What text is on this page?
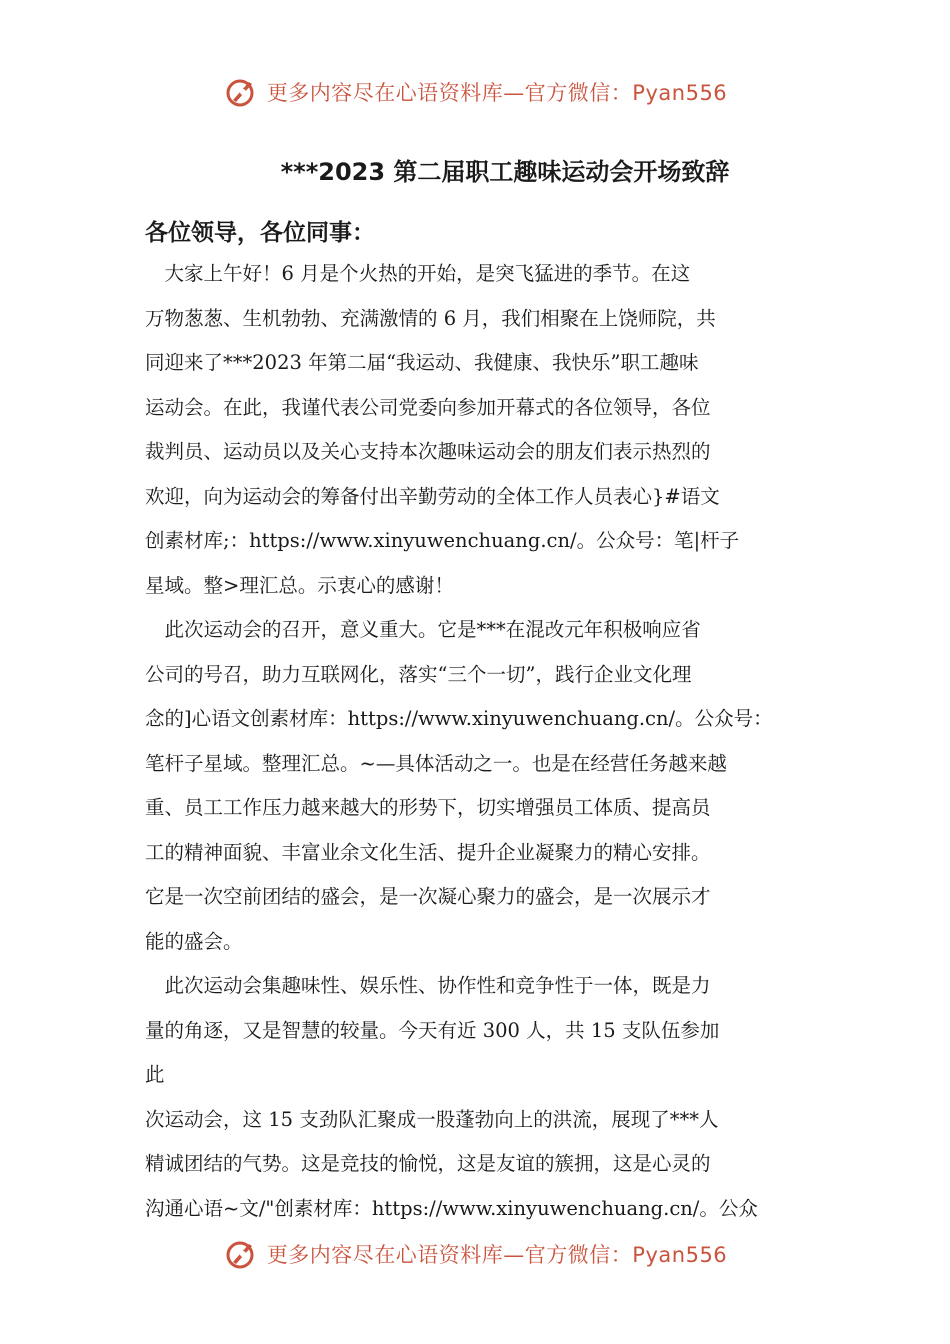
更多内容尽在心语资料库—官方微信：Pyan556
***2023 第二届职工趣味运动会开场致辞
各位领导，各位同事：
　大家上午好！6 月是个火热的开始，是突飞猛进的季节。在这
万物葱葱、生机勃勃、充满激情的 6 月，我们相聚在上饶师院，共
同迎来了***2023 年第二届“我运动、我健康、我快乐”职工趣味
运动会。在此，我谨代表公司党委向参加开幕式的各位领导，各位
裁判员、运动员以及关心支持本次趣味运动会的朋友们表示热烈的
欢迎，向为运动会的筹备付出辛勤劳动的全体工作人员表心}#语文
创素材库;：https://www.xinyuwenchuang.cn/。公众号：笔|杆子
星域。整>理汇总。示衷心的感谢！
　此次运动会的召开，意义重大。它是***在混改元年积极响应省
公司的号召，助力互联网化，落实“三个一切”，践行企业文化理
念的]心语文创素材库：https://www.xinyuwenchuang.cn/。公众号：
笔杆子星域。整理汇总。~—具体活动之一。也是在经营任务越来越
重、员工工作压力越来越大的形势下，切实增强员工体质、提高员
工的精神面貌、丰富业余文化生活、提升企业凝聚力的精心安排。
它是一次空前团结的盛会，是一次凝心聚力的盛会，是一次展示才
能的盛会。
　此次运动会集趣味性、娱乐性、协作性和竞争性于一体，既是力
量的角逐，又是智慧的较量。今天有近 300 人，共 15 支队伍参加
此
次运动会，这 15 支劲队汇聚成一股蓬勃向上的洪流，展现了***人
精诚团结的气势。这是竞技的愉悦，这是友谊的簇拥，这是心灵的
沟通心语~文/"创素材库：https://www.xinyuwenchuang.cn/。公众
更多内容尽在心语资料库—官方微信：Pyan556
